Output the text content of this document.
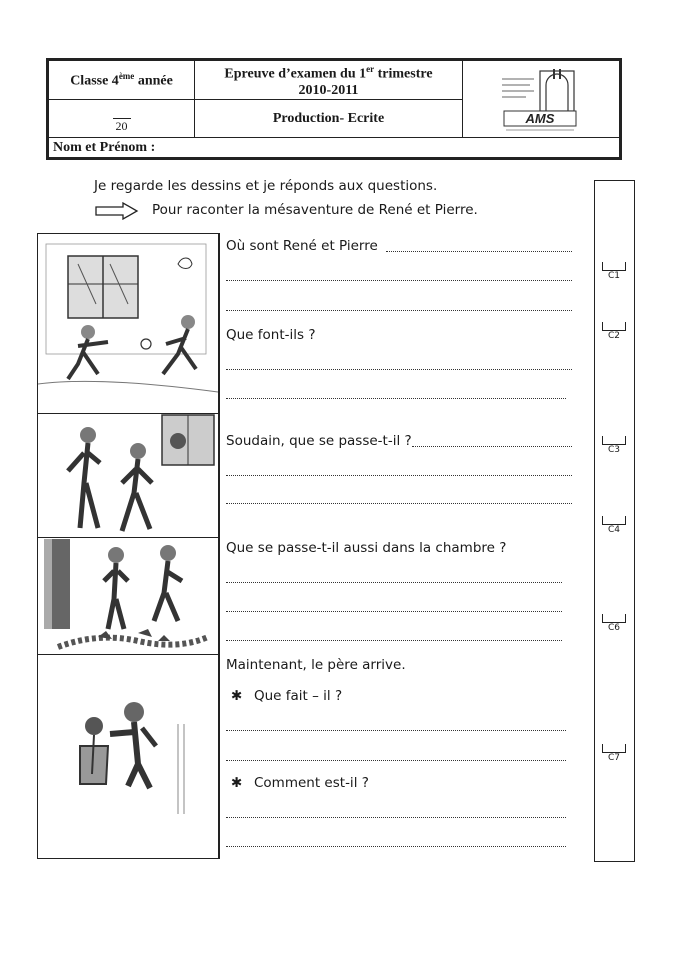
Classe 4ème année	Epreuve d’examen du 1er trimestre
2010-2011
20
Production- Ecrite	AMS
Nom et Prénom :
Je regarde les dessins et je réponds aux questions.
Pour raconter la mésaventure de René et Pierre.
Où sont René et Pierre
Que font-ils ?
Soudain, que se passe-t-il ?
Que se passe-t-il aussi dans la chambre ?
Maintenant, le père arrive.
✱ Que fait – il ?
✱ Comment est-il ?
C1
C2
C3
C4
C6
C7
